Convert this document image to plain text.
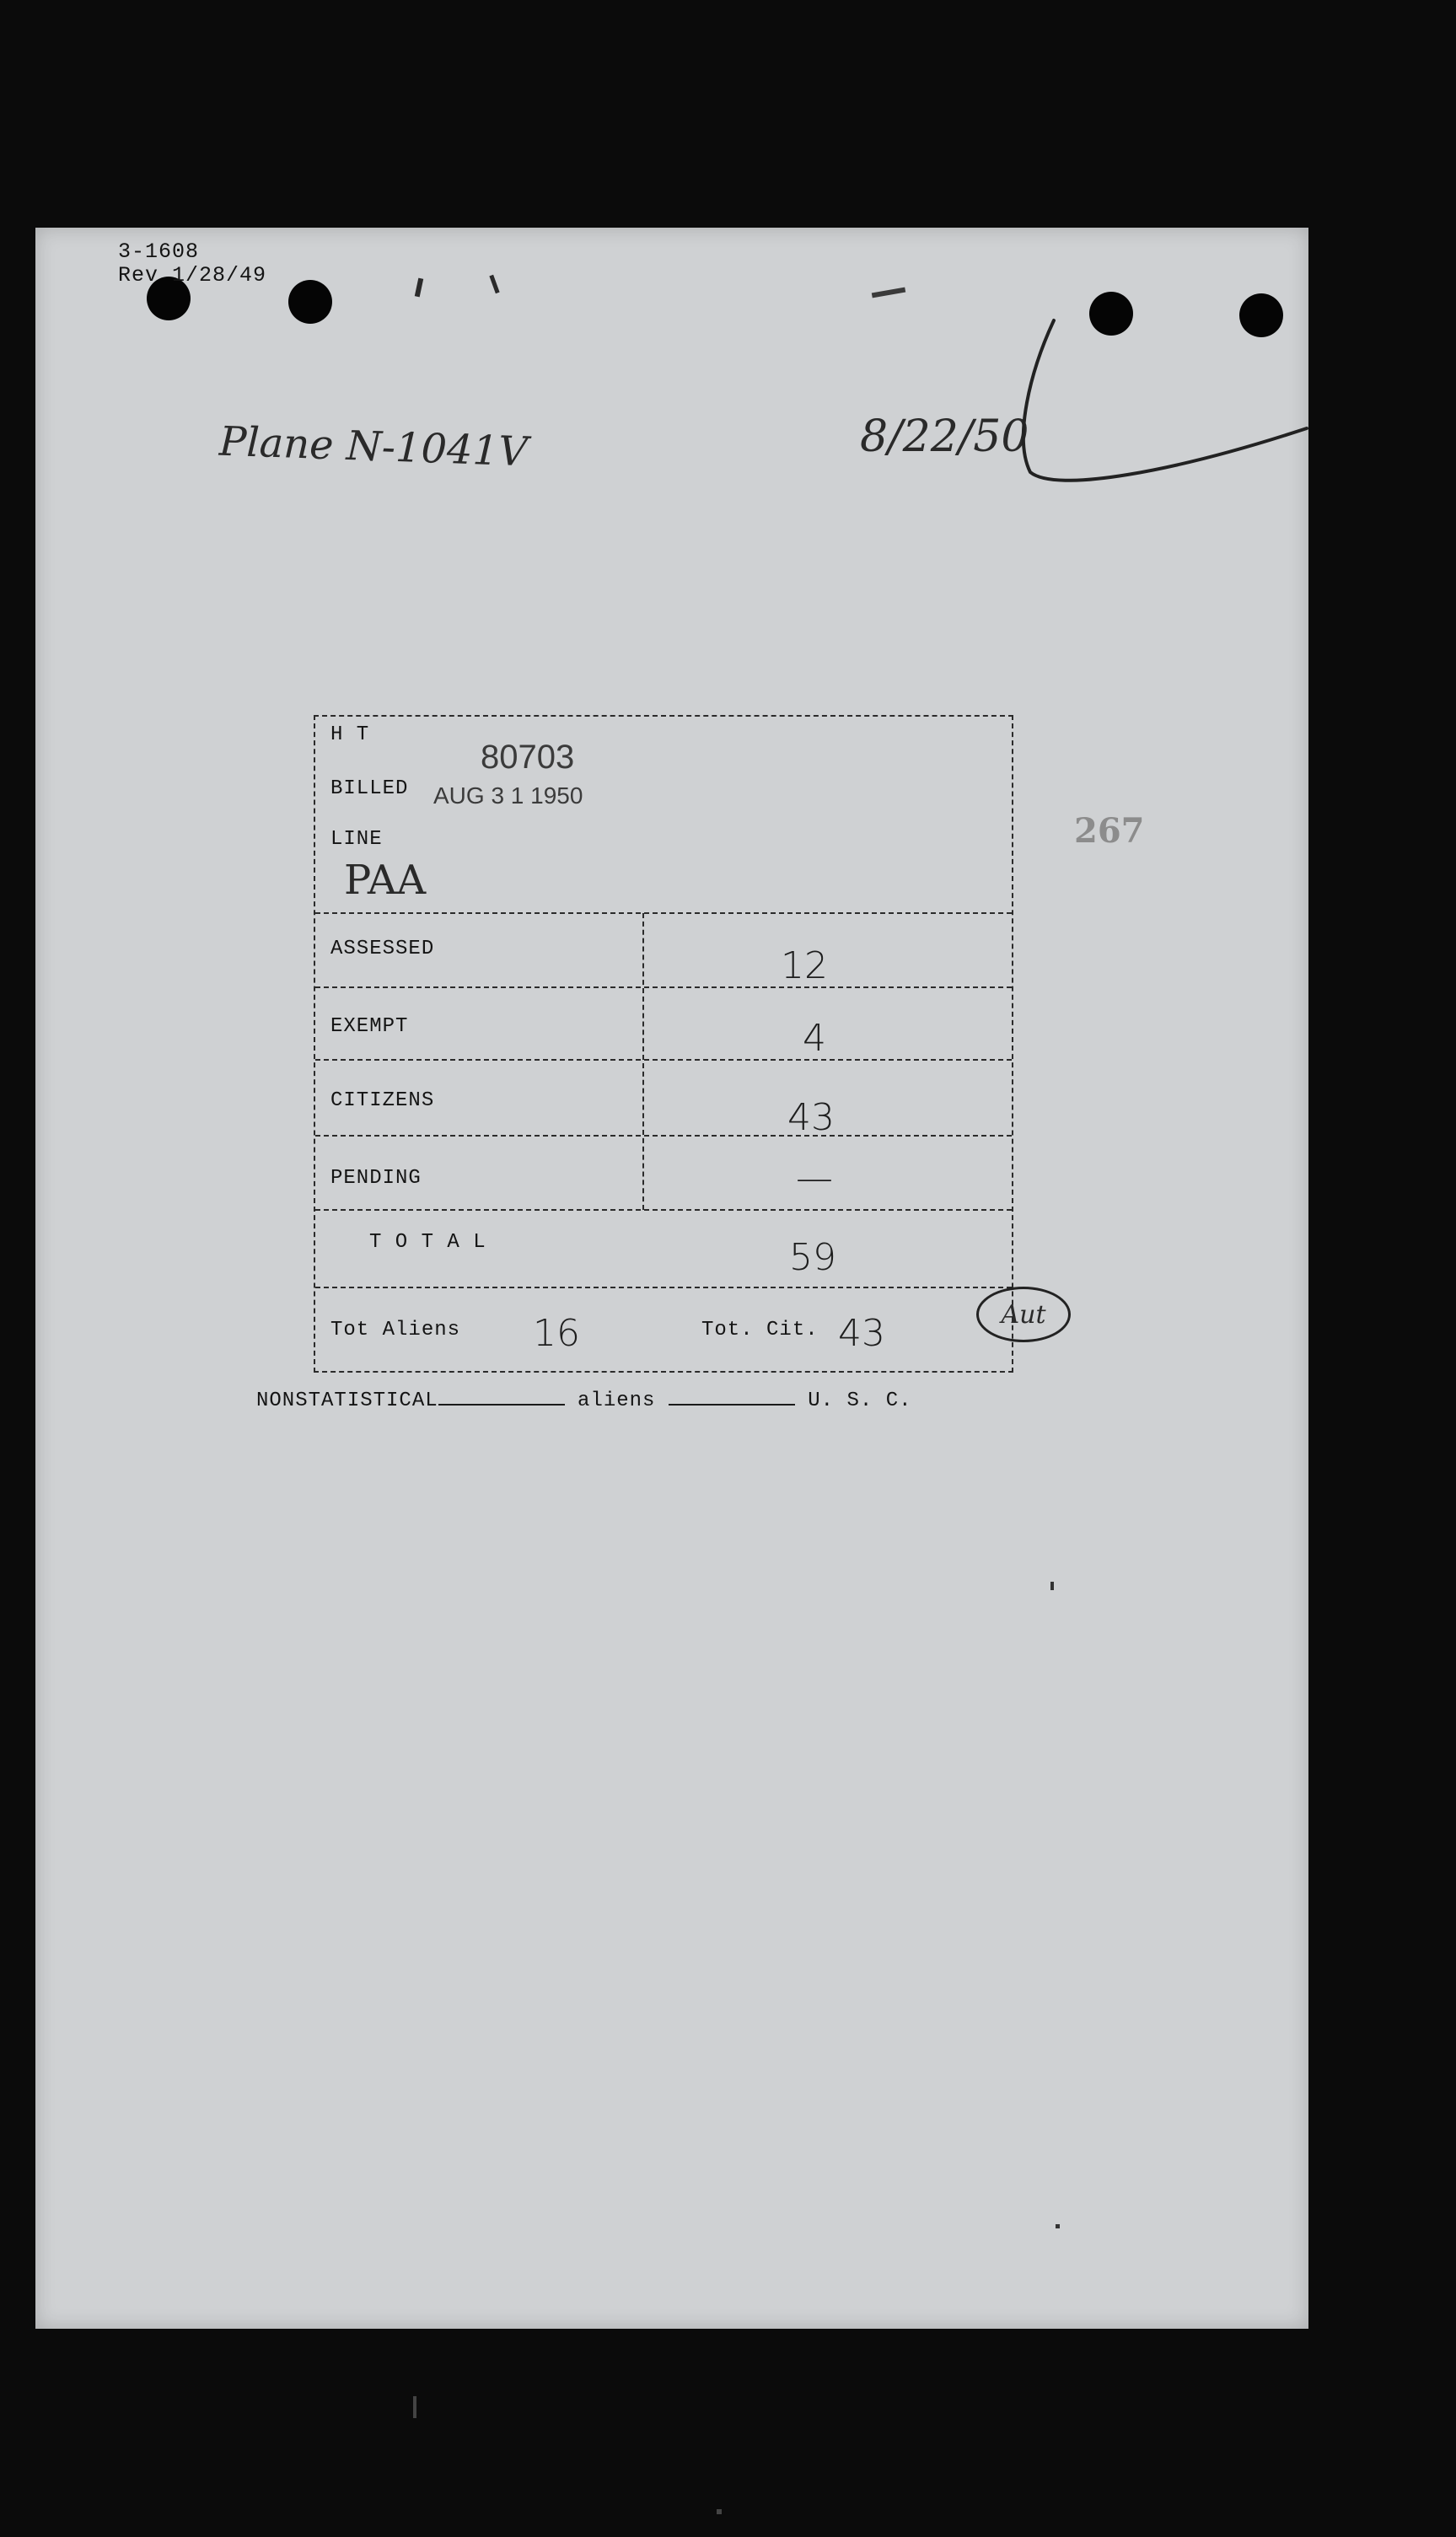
3-1608
Rev 1/28/49
Plane N-1041V	8/22/50
267
H T
80703
BILLED AUG 3 1 1950
LINE
PAA
ASSESSED	12
EXEMPT	4
CITIZENS	43
PENDING	—
T O T A L	59
Tot Aliens 16	Tot. Cit. 43	Aut
NONSTATISTICAL	aliens	U. S. C.
